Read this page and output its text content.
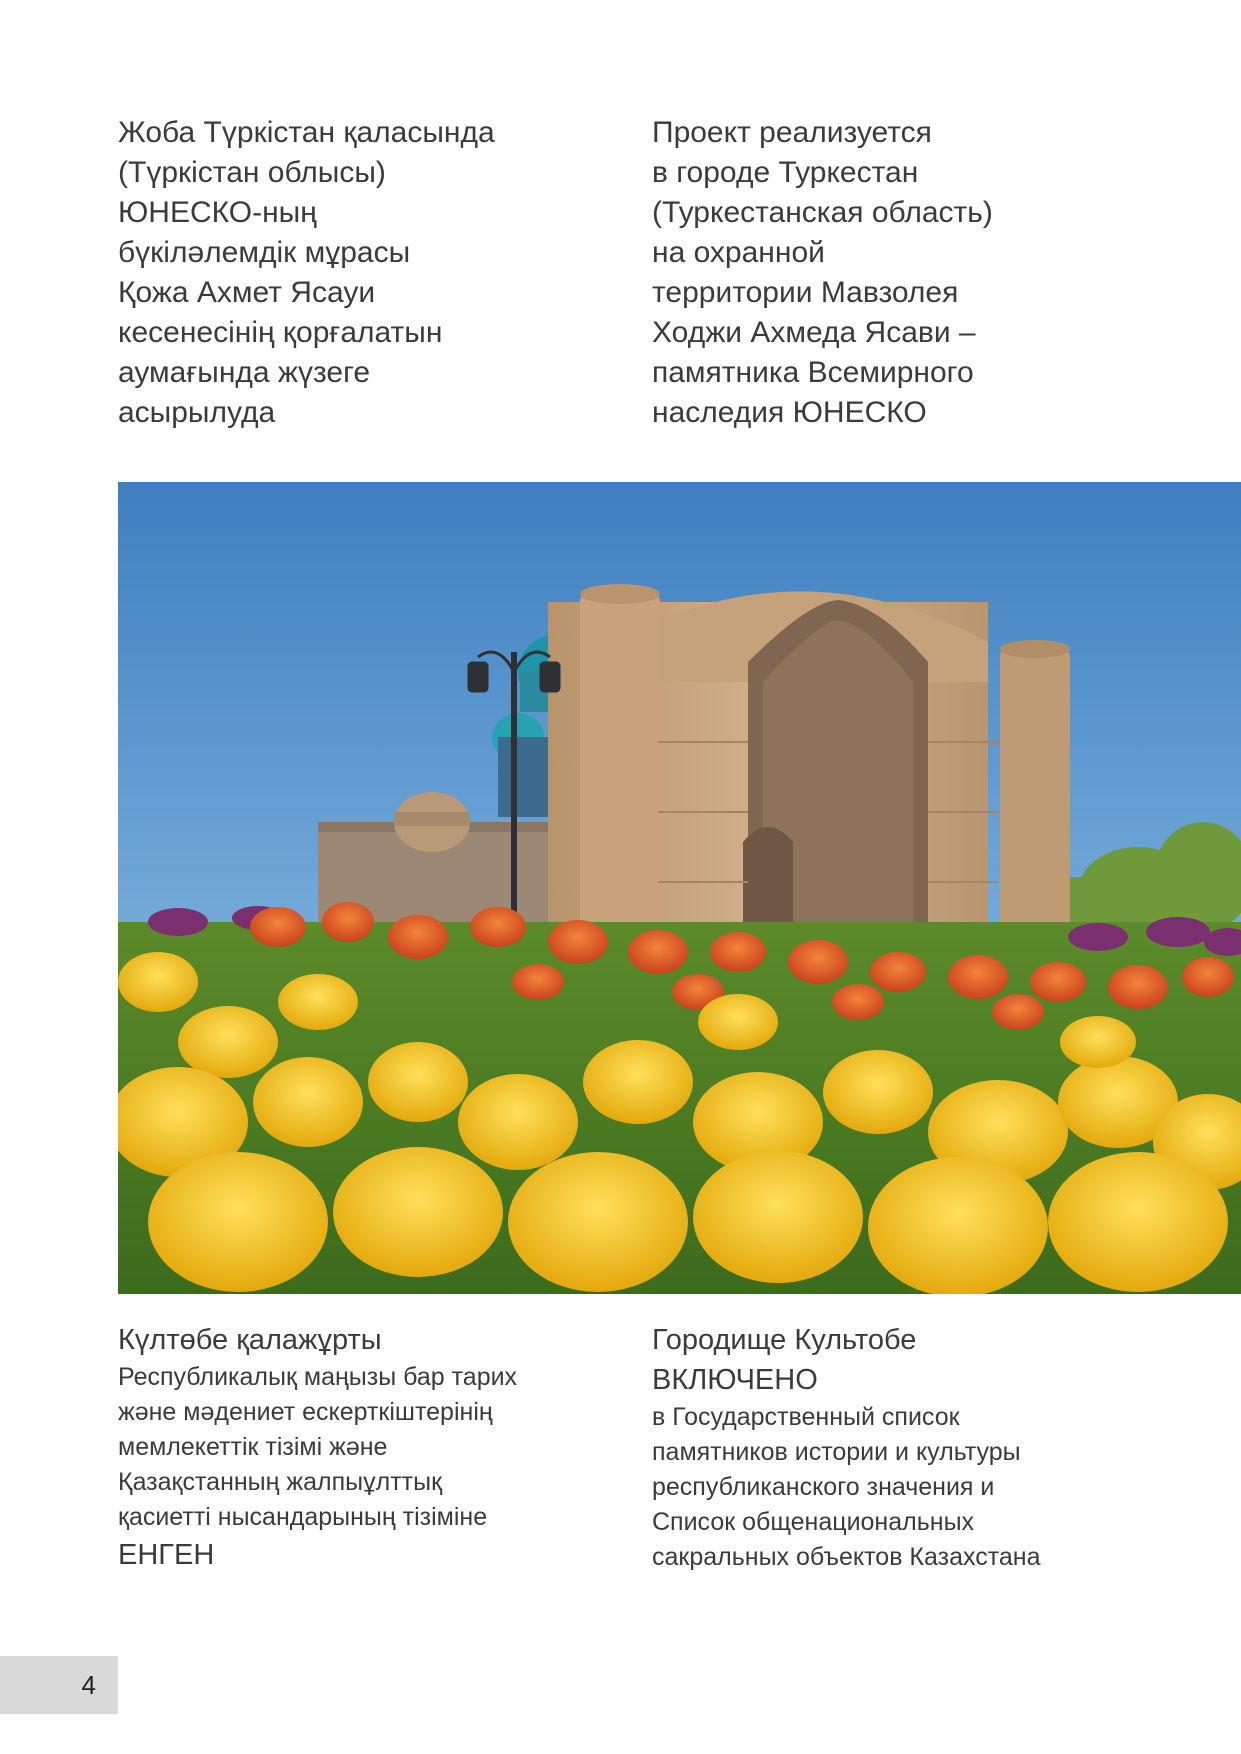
Жоба Түркістан қаласында
(Түркістан облысы)
ЮНЕСКО-ның
бүкіләлемдік мұрасы
Қожа Ахмет Ясауи
кесенесінің қорғалатын
аумағында жүзеге
асырылуда

Проект реализуется
в городе Туркестан
(Туркестанская область)
на охранной
территории Мавзолея
Ходжи Ахмеда Ясави –
памятника Всемирного
наследия ЮНЕСКО

Күлтөбе қалажұрты
Республикалық маңызы бар тарих
және мәдениет ескерткіштерінің
мемлекеттік тізімі және
Қазақстанның жалпыұлттық
қасиетті нысандарының тізіміне
ЕНГЕН

Городище Культобе
ВКЛЮЧЕНО
в Государственный список
памятников истории и культуры
республиканского значения и
Список общенациональных
сакральных объектов Казахстана

4
